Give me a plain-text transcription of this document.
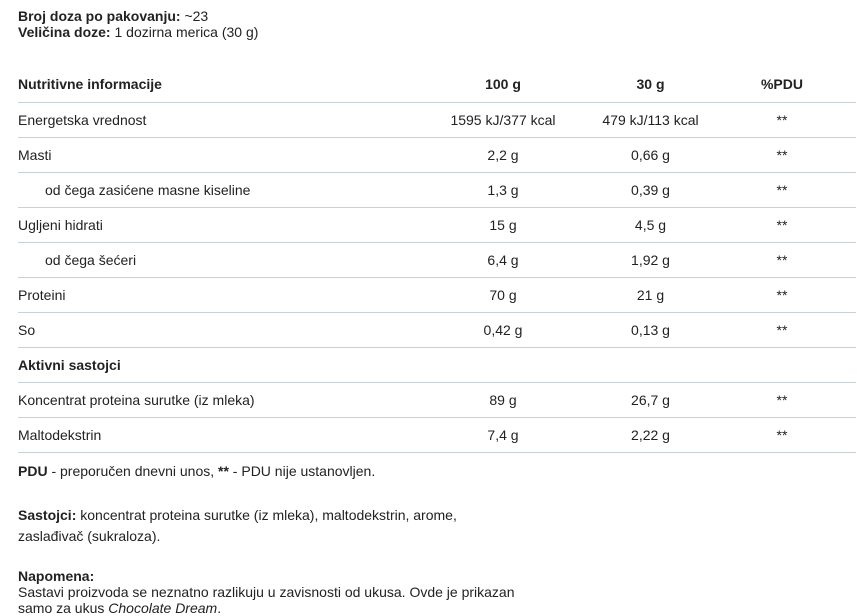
Broj doza po pakovanju: ~23
Veličina doze: 1 dozirna merica (30 g)
Nutritivne informacije	100 g	30 g	%PDU
Energetska vrednost	1595 kJ/377 kcal	479 kJ/113 kcal	**
Masti	2,2 g	0,66 g	**
od čega zasićene masne kiseline	1,3 g	0,39 g	**
Ugljeni hidrati	15 g	4,5 g	**
od čega šećeri	6,4 g	1,92 g	**
Proteini	70 g	21 g	**
So	0,42 g	0,13 g	**
Aktivni sastojci			
Koncentrat proteina surutke (iz mleka)	89 g	26,7 g	**
Maltodekstrin	7,4 g	2,22 g	**
PDU - preporučen dnevni unos, ** - PDU nije ustanovljen.
Sastojci: koncentrat proteina surutke (iz mleka), maltodekstrin, arome, zaslađivač (sukraloza).
Napomena:
Sastavi proizvoda se neznatno razlikuju u zavisnosti od ukusa. Ovde je prikazan samo za ukus Chocolate Dream.
